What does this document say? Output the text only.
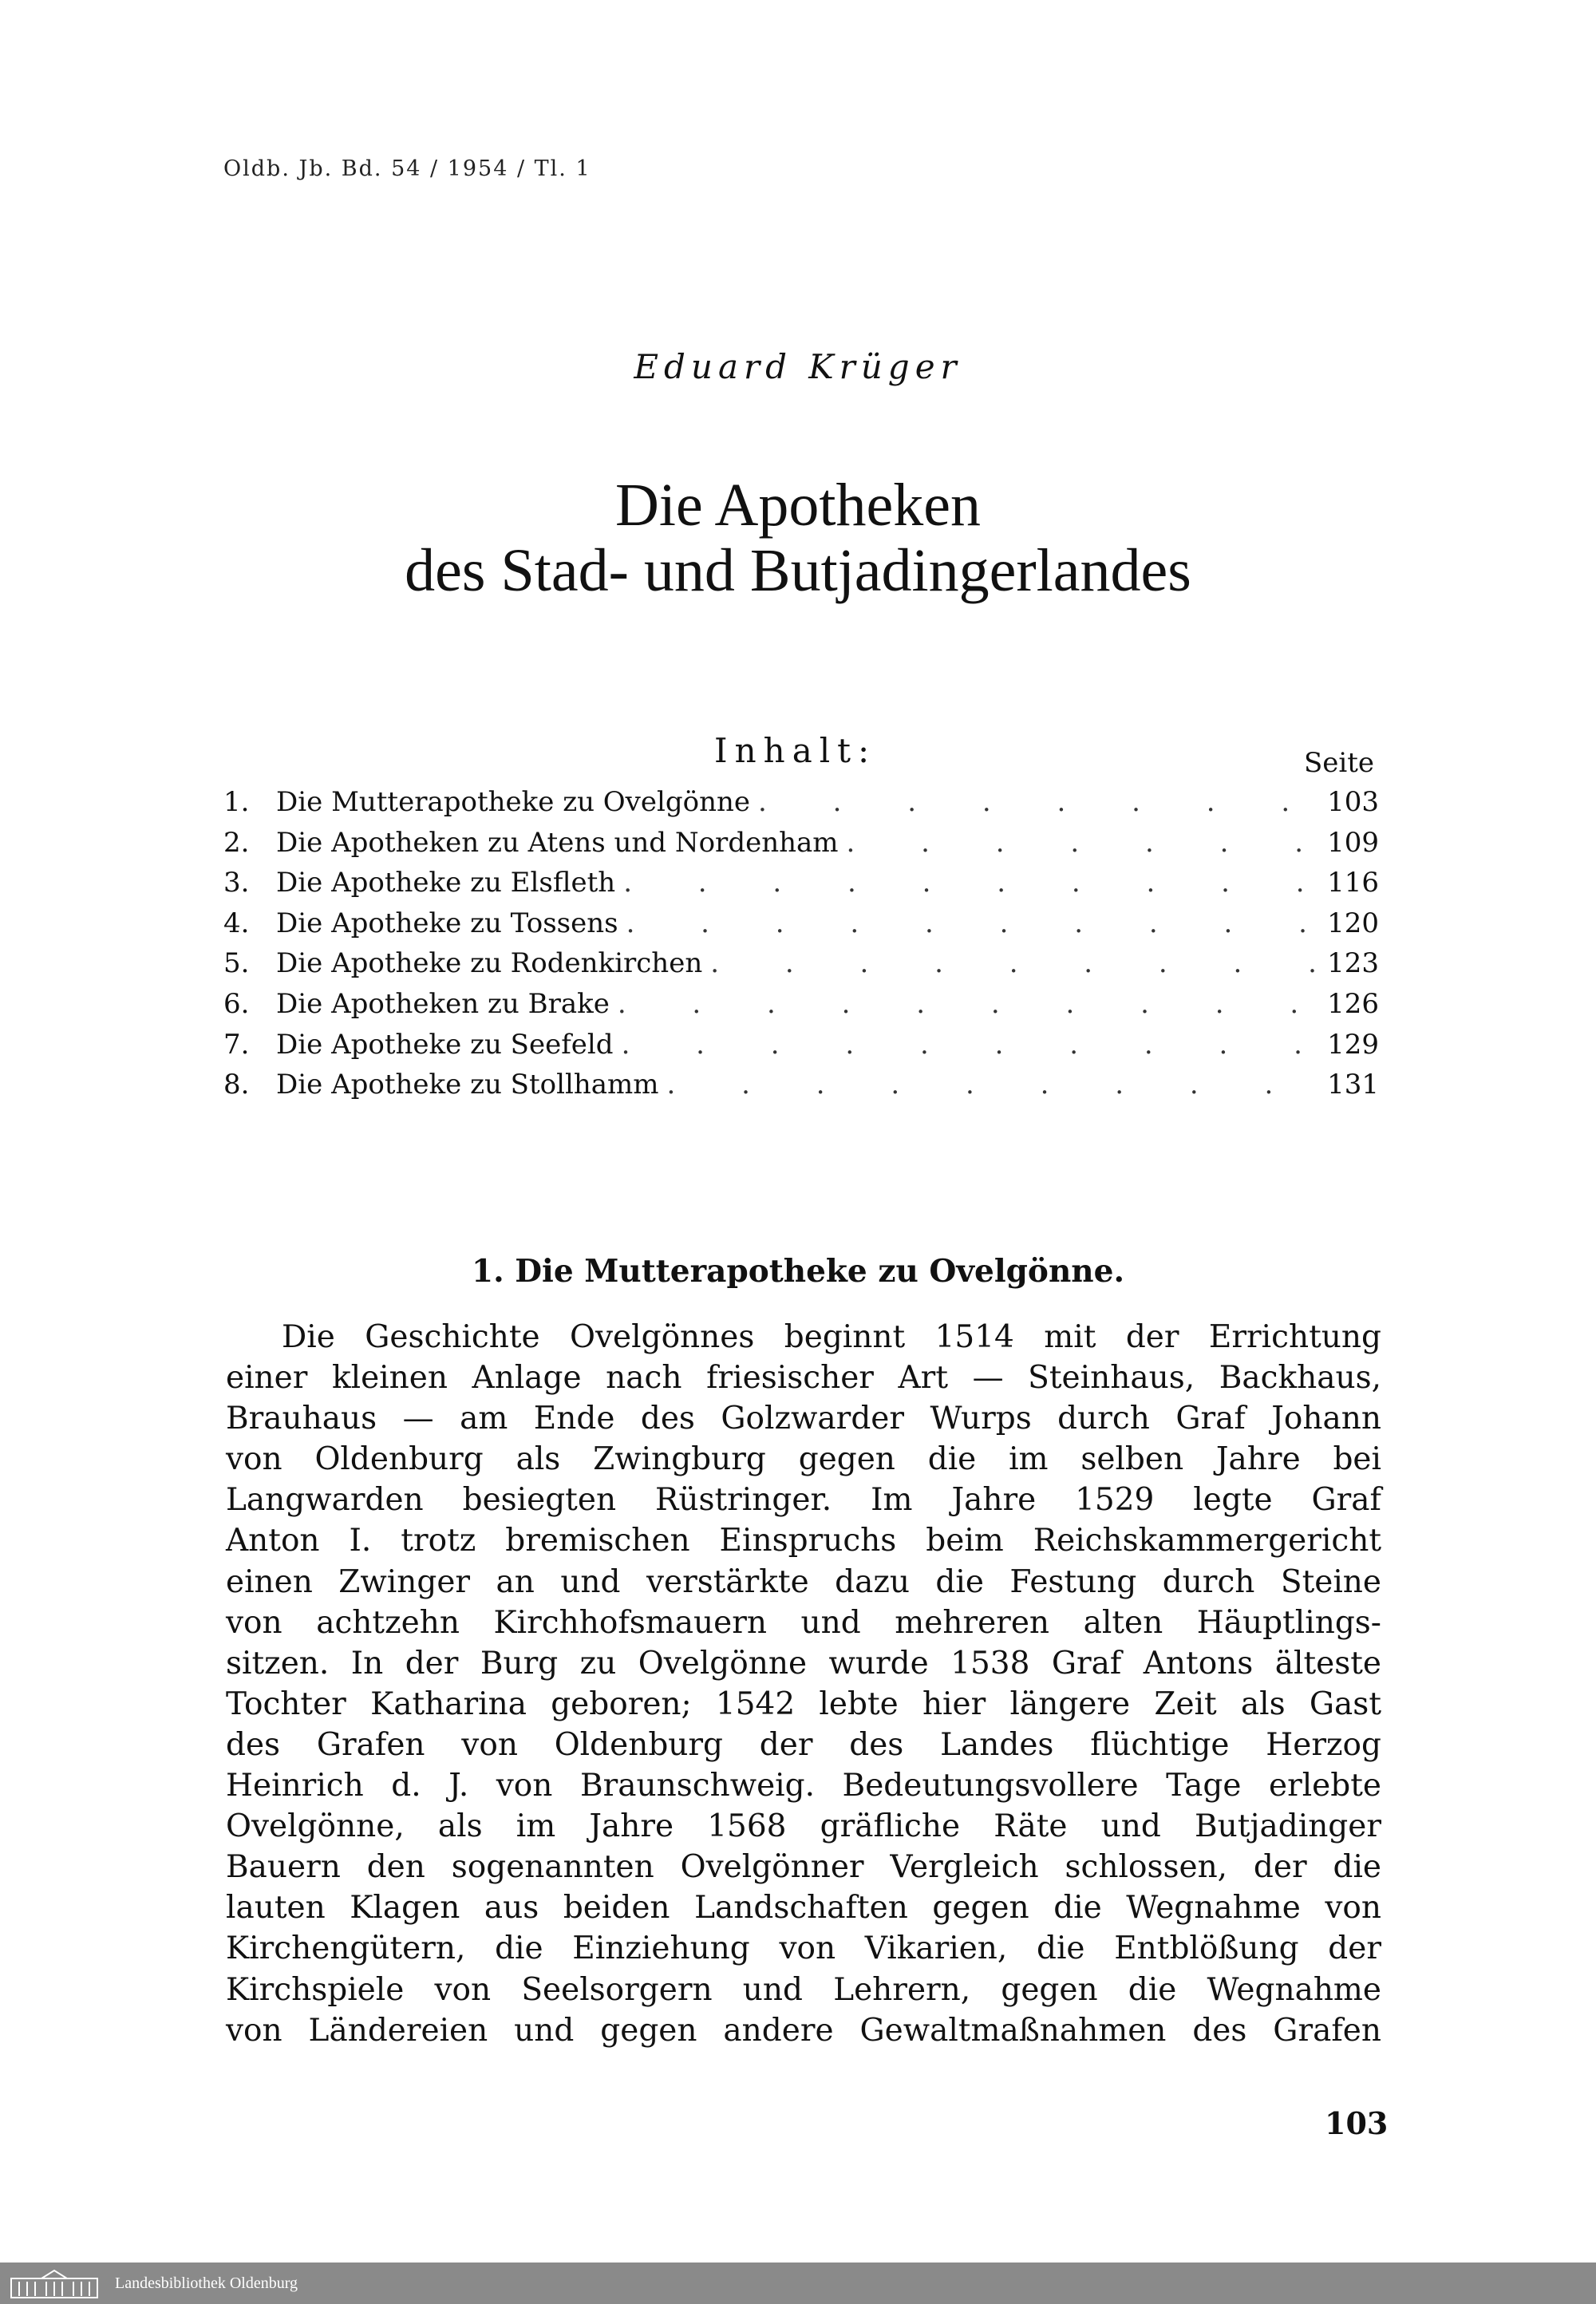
Oldb. Jb. Bd. 54 / 1954 / Tl. 1
Eduard Krüger
Die Apotheken
des Stad- und Butjadingerlandes
Inhalt:	Seite
1. Die Mutterapotheke zu Ovelgönne . . .	103
2. Die Apotheken zu Atens und Nordenham . . .	109
3. Die Apotheke zu Elsfleth . . .	116
4. Die Apotheke zu Tossens . . .	120
5. Die Apotheke zu Rodenkirchen . . .	123
6. Die Apotheken zu Brake . . .	126
7. Die Apotheke zu Seefeld . . .	129
8. Die Apotheke zu Stollhamm . . .	131
1. Die Mutterapotheke zu Ovelgönne.

Die Geschichte Ovelgönnes beginnt 1514 mit der Errichtung
einer kleinen Anlage nach friesischer Art — Steinhaus, Backhaus,
Brauhaus — am Ende des Golzwarder Wurps durch Graf Johann
von Oldenburg als Zwingburg gegen die im selben Jahre bei
Langwarden besiegten Rüstringer. Im Jahre 1529 legte Graf
Anton I. trotz bremischen Einspruchs beim Reichskammergericht
einen Zwinger an und verstärkte dazu die Festung durch Steine
von achtzehn Kirchhofsmauern und mehreren alten Häuptlings-
sitzen. In der Burg zu Ovelgönne wurde 1538 Graf Antons älteste
Tochter Katharina geboren; 1542 lebte hier längere Zeit als Gast
des Grafen von Oldenburg der des Landes flüchtige Herzog
Heinrich d. J. von Braunschweig. Bedeutungsvollere Tage erlebte
Ovelgönne, als im Jahre 1568 gräfliche Räte und Butjadinger
Bauern den sogenannten Ovelgönner Vergleich schlossen, der die
lauten Klagen aus beiden Landschaften gegen die Wegnahme von
Kirchengütern, die Einziehung von Vikarien, die Entblößung der
Kirchspiele von Seelsorgern und Lehrern, gegen die Wegnahme
von Ländereien und gegen andere Gewaltmaßnahmen des Grafen

103
Landesbibliothek Oldenburg
